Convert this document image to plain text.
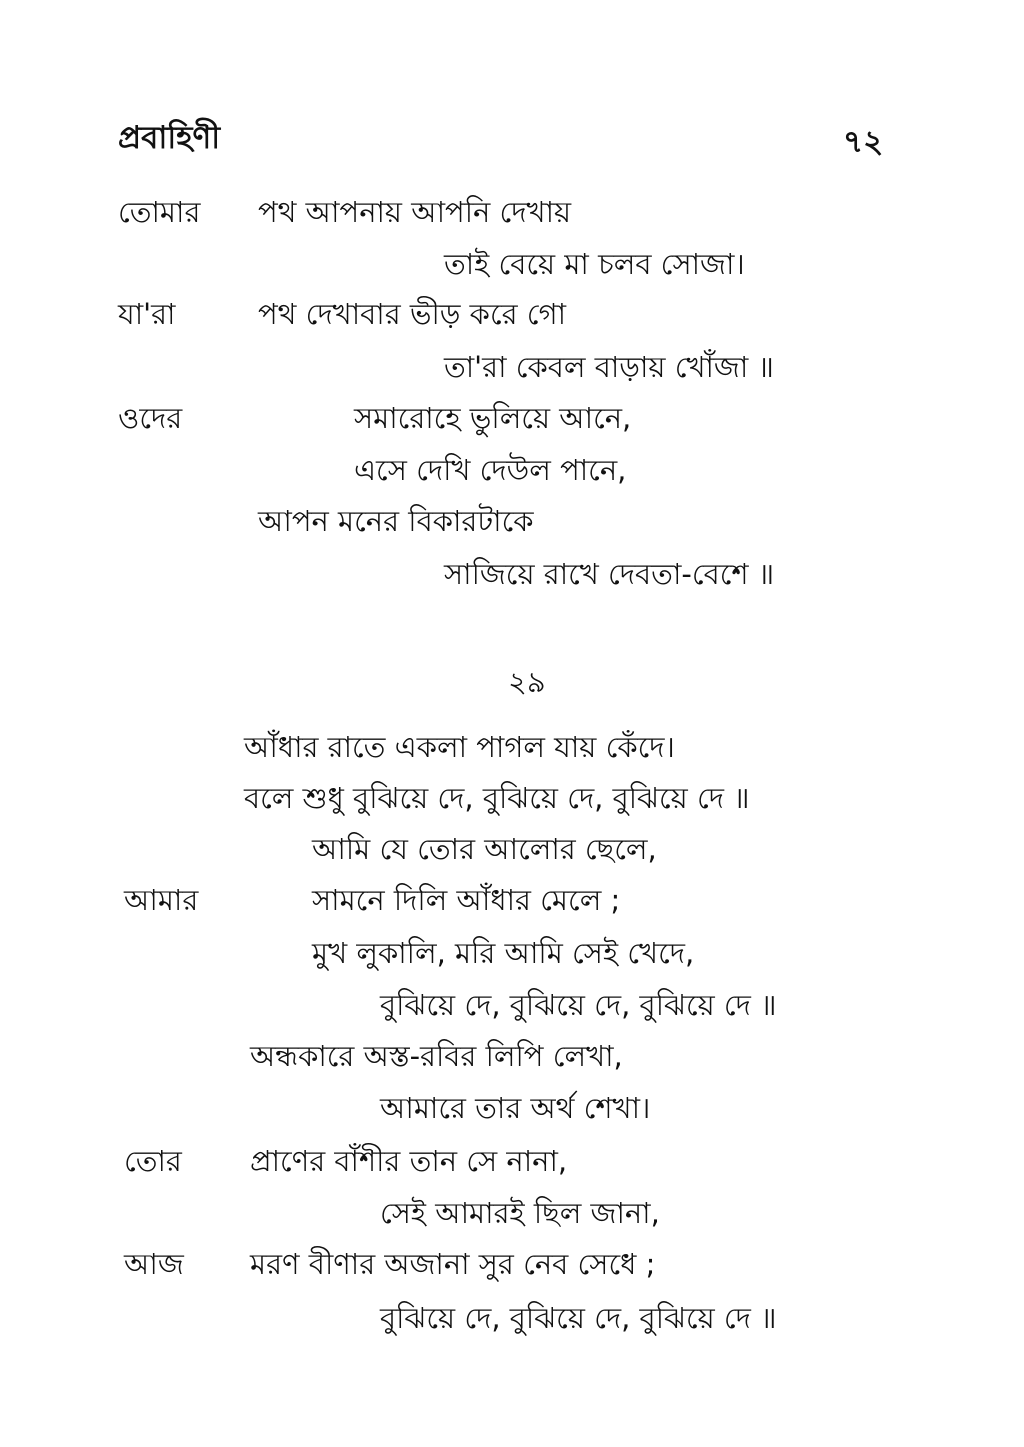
প্রবাহিণী	৭২
তোমার পথ আপনায় আপনি দেখায়
তাই বেয়ে মা চলব সোজা।
যা'রা	পথ দেখাবার ভীড় করে গো
তা'রা কেবল বাড়ায় খোঁজা ॥
ওদের	সমারোহে ভুলিয়ে আনে,
এসে দেখি দেউল পানে,
আপন মনের বিকারটাকে
সাজিয়ে রাখে দেবতা-বেশে ॥
২৯
আঁধার রাতে একলা পাগল যায় কেঁদে।
বলে শুধু বুঝিয়ে দে, বুঝিয়ে দে, বুঝিয়ে দে ॥
আমি যে তোর আলোর ছেলে,
আমার	সামনে দিলি আঁধার মেলে ;
মুখ লুকালি, মরি আমি সেই খেদে,
বুঝিয়ে দে, বুঝিয়ে দে, বুঝিয়ে দে ॥
অন্ধকারে অস্ত-রবির লিপি লেখা,
আমারে তার অর্থ শেখা।
তোর প্রাণের বাঁশীর তান সে নানা,
সেই আমারই ছিল জানা,
আজ মরণ বীণার অজানা সুর নেব সেধে ;
বুঝিয়ে দে, বুঝিয়ে দে, বুঝিয়ে দে ॥
